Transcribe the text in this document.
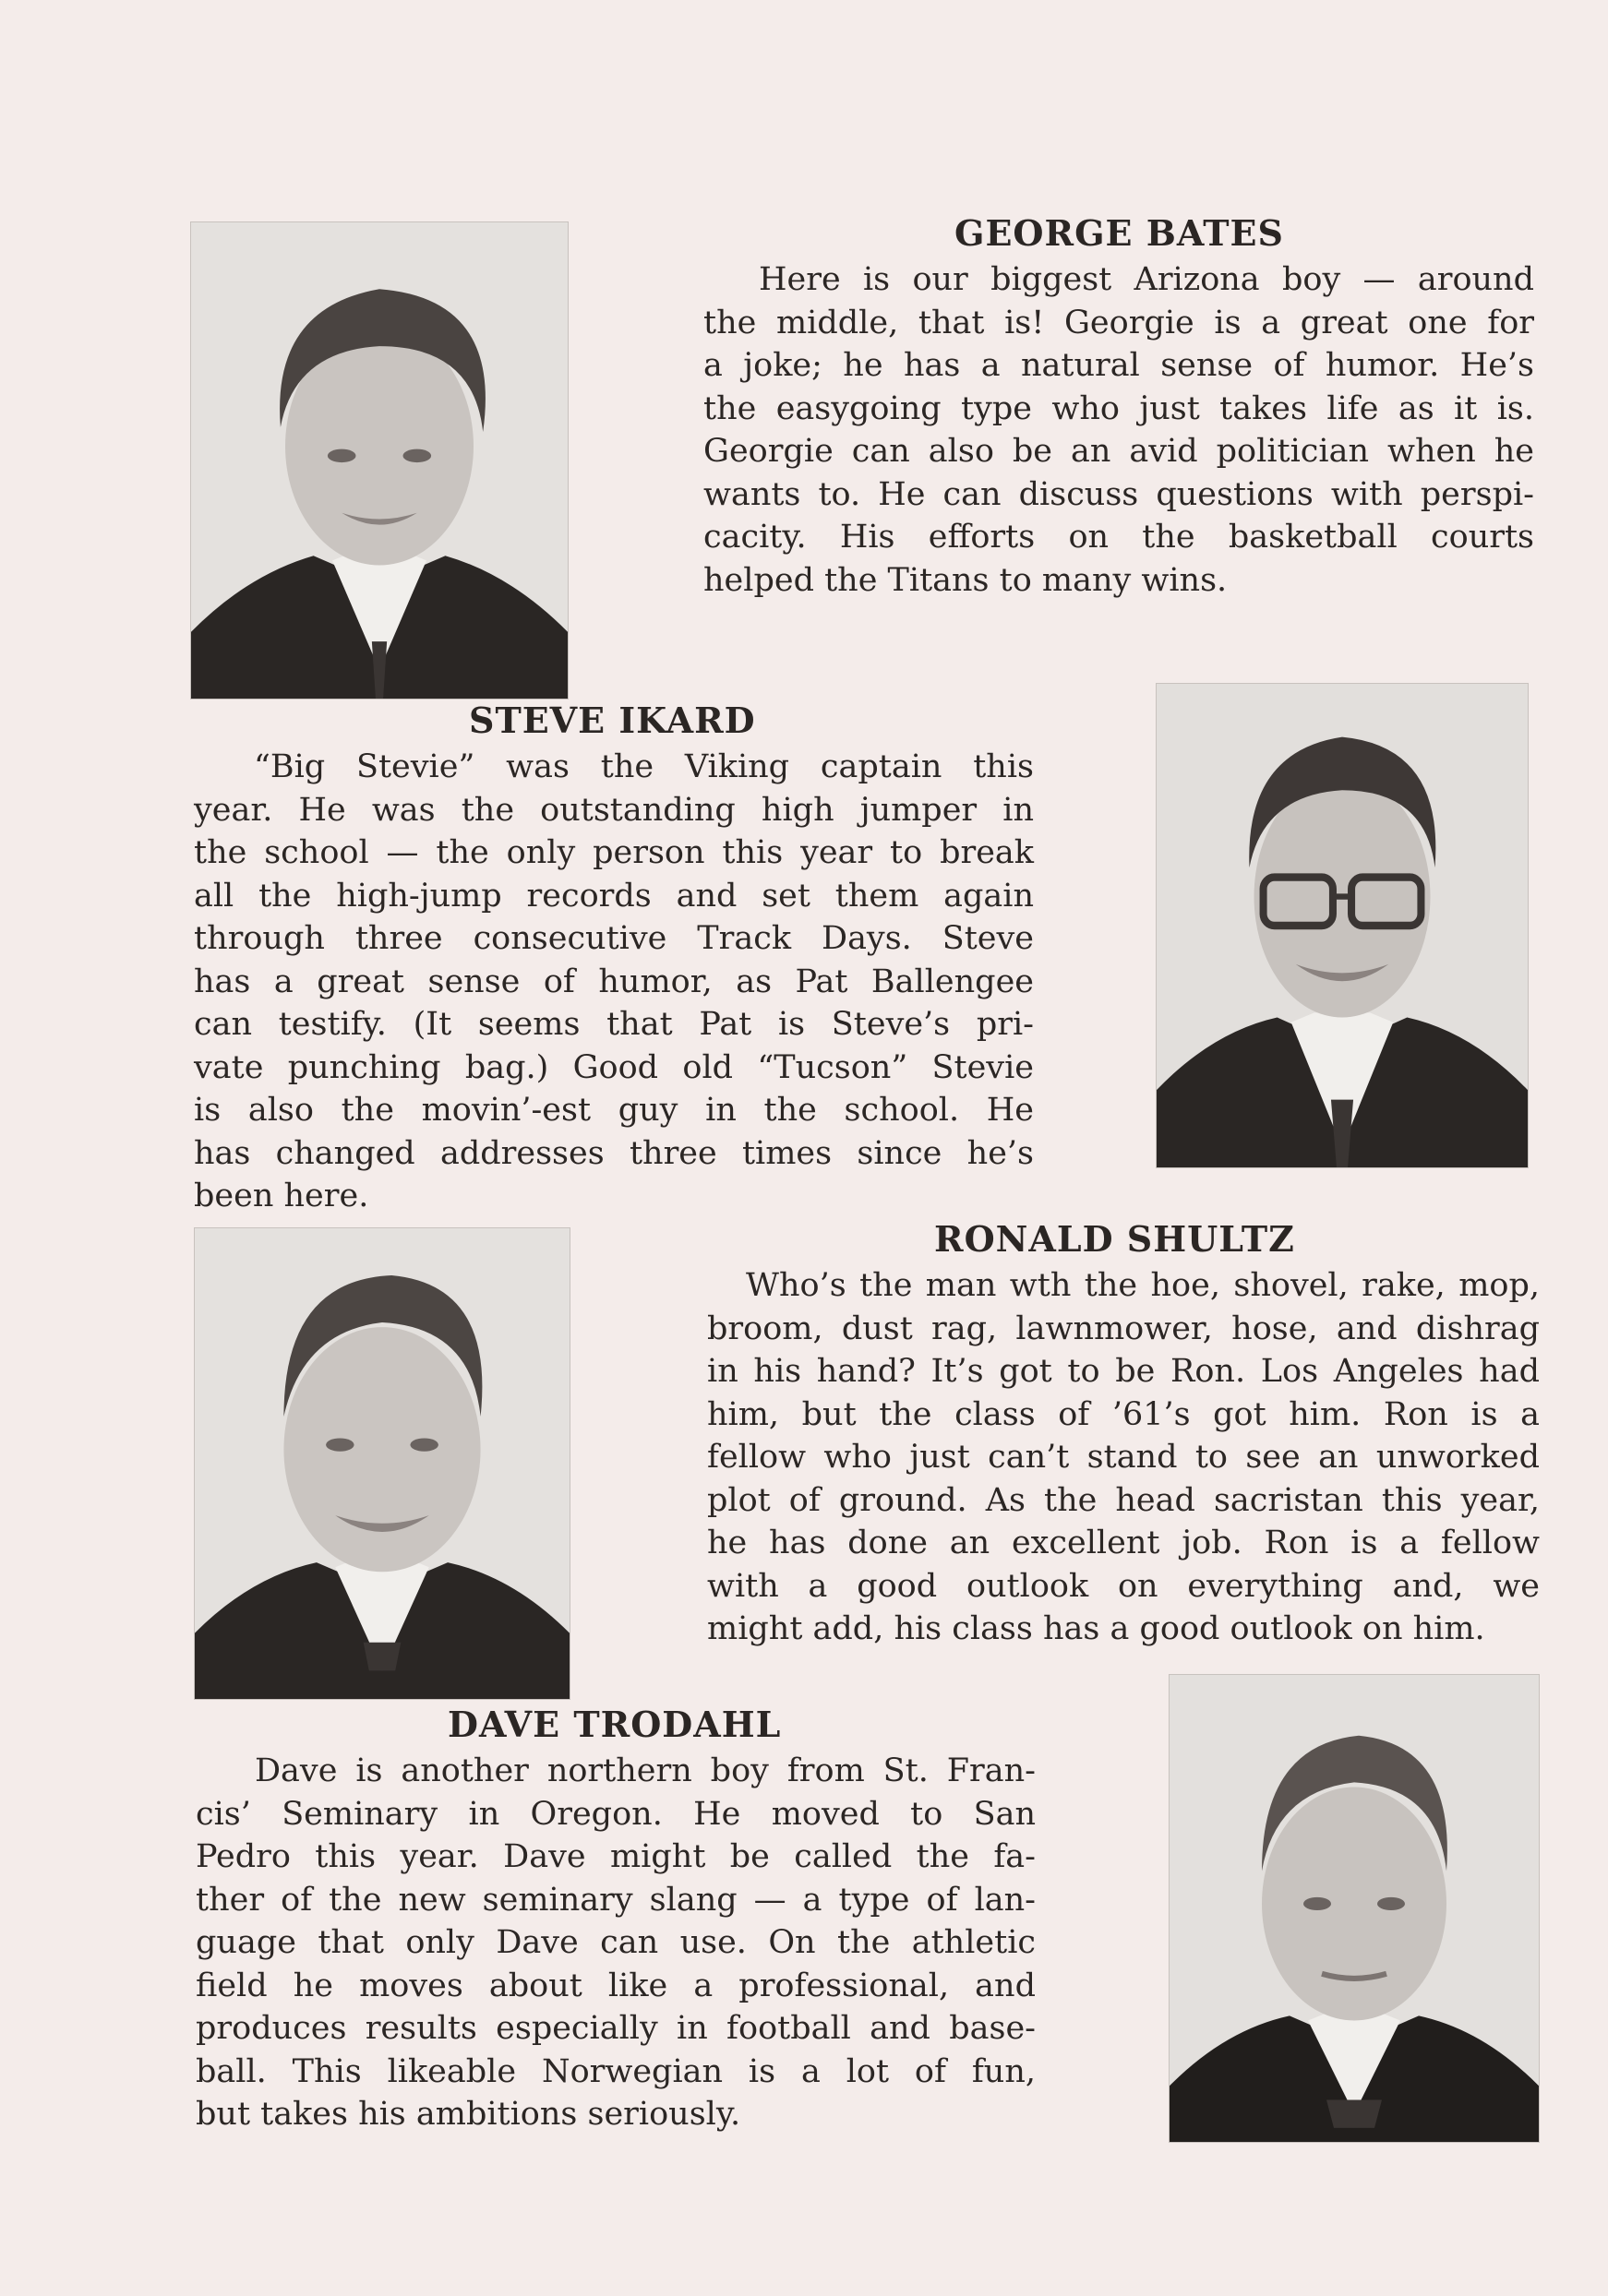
GEORGE BATES

Here is our biggest Arizona boy — around
the middle, that is! Georgie is a great one for
a joke; he has a natural sense of humor. He’s
the easygoing type who just takes life as it is.
Georgie can also be an avid politician when he
wants to. He can discuss questions with perspi-
cacity. His efforts on the basketball courts
helped the Titans to many wins.

STEVE IKARD

“Big Stevie” was the Viking captain this
year. He was the outstanding high jumper in
the school — the only person this year to break
all the high-jump records and set them again
through three consecutive Track Days. Steve
has a great sense of humor, as Pat Ballengee
can testify. (It seems that Pat is Steve’s pri-
vate punching bag.) Good old “Tucson” Stevie
is also the movin’-est guy in the school. He
has changed addresses three times since he’s
been here.

RONALD SHULTZ

Who’s the man wth the hoe, shovel, rake, mop,
broom, dust rag, lawnmower, hose, and dishrag
in his hand? It’s got to be Ron. Los Angeles had
him, but the class of ’61’s got him. Ron is a
fellow who just can’t stand to see an unworked
plot of ground. As the head sacristan this year,
he has done an excellent job. Ron is a fellow
with a good outlook on everything and, we
might add, his class has a good outlook on him.

DAVE TRODAHL

Dave is another northern boy from St. Fran-
cis’ Seminary in Oregon. He moved to San
Pedro this year. Dave might be called the fa-
ther of the new seminary slang — a type of lan-
guage that only Dave can use. On the athletic
field he moves about like a professional, and
produces results especially in football and base-
ball. This likeable Norwegian is a lot of fun,
but takes his ambitions seriously.
